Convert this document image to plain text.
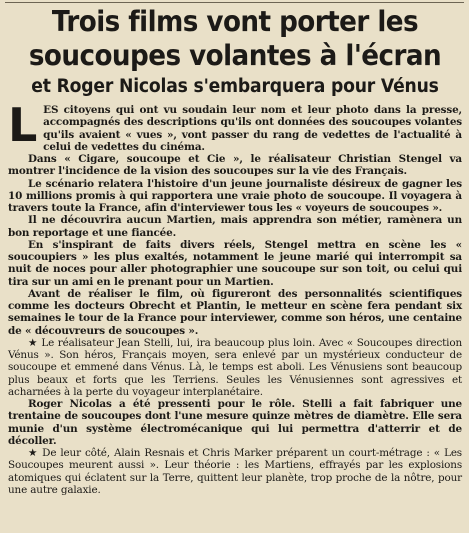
Trois films vont porter les
soucoupes volantes à l'écran
et Roger Nicolas s'embarquera pour Vénus

LES citoyens qui ont vu soudain leur nom et leur photo dans la presse, accompagnés des descriptions qu'ils ont données des soucoupes volantes qu'ils avaient « vues », vont passer du rang de vedettes de l'actualité à celui de vedettes du cinéma.

Dans « Cigare, soucoupe et Cie », le réalisateur Christian Stengel va montrer l'incidence de la vision des soucoupes sur la vie des Français.

Le scénario relatera l'histoire d'un jeune journaliste désireux de gagner les 10 millions promis à qui rapportera une vraie photo de soucoupe. Il voyagera à travers toute la France, afin d'interviewer tous les « voyeurs de soucoupes ».

Il ne découvrira aucun Martien, mais apprendra son métier, ramènera un bon reportage et une fiancée.

En s'inspirant de faits divers réels, Stengel mettra en scène les « soucoupiers » les plus exaltés, notamment le jeune marié qui interrompit sa nuit de noces pour aller photographier une soucoupe sur son toit, ou celui qui tira sur un ami en le prenant pour un Martien.

Avant de réaliser le film, où figureront des personnalités scientifiques comme les docteurs Obrecht et Plantin, le metteur en scène fera pendant six semaines le tour de la France pour interviewer, comme son héros, une centaine de « découvreurs de soucoupes ».

★ Le réalisateur Jean Stelli, lui, ira beaucoup plus loin. Avec « Soucoupes direction Vénus ». Son héros, Français moyen, sera enlevé par un mystérieux conducteur de soucoupe et emmené dans Vénus. Là, le temps est aboli. Les Vénusiens sont beaucoup plus beaux et forts que les Terriens. Seules les Vénusiennes sont agressives et acharnées à la perte du voyageur interplanétaire.

Roger Nicolas a été pressenti pour le rôle. Stelli a fait fabriquer une trentaine de soucoupes dont l'une mesure quinze mètres de diamètre. Elle sera munie d'un système électromécanique qui lui permettra d'atterrir et de décoller.

★ De leur côté, Alain Resnais et Chris Marker préparent un court-métrage : « Les Soucoupes meurent aussi ». Leur théorie : les Martiens, effrayés par les explosions atomiques qui éclatent sur la Terre, quittent leur planète, trop proche de la nôtre, pour une autre galaxie.
